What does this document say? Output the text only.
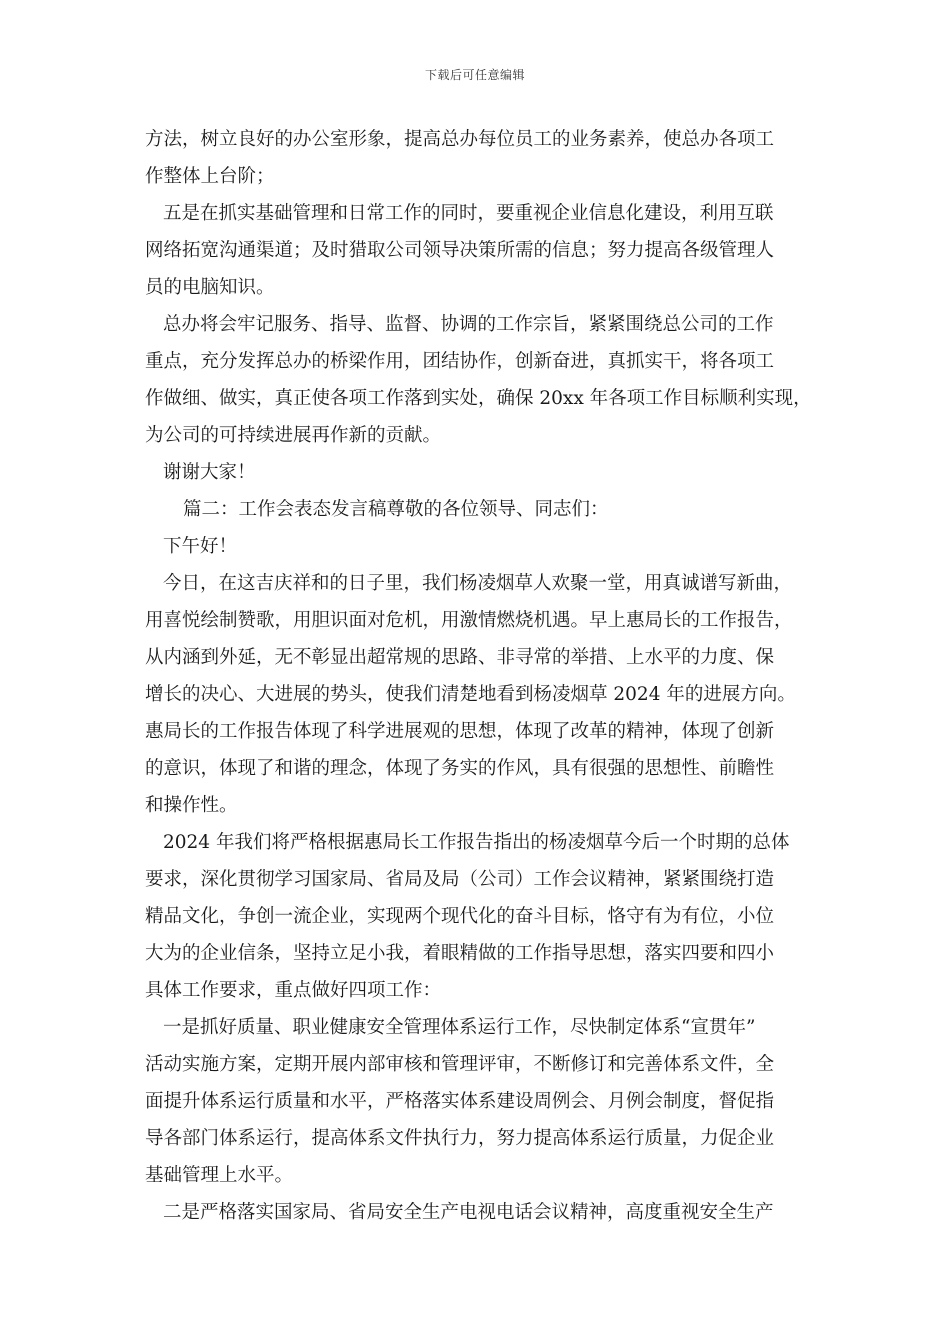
下载后可任意编辑
方法，树立良好的办公室形象，提高总办每位员工的业务素养，使总办各项工
作整体上台阶；
五是在抓实基础管理和日常工作的同时，要重视企业信息化建设，利用互联
网络拓宽沟通渠道；及时猎取公司领导决策所需的信息；努力提高各级管理人
员的电脑知识。
总办将会牢记服务、指导、监督、协调的工作宗旨，紧紧围绕总公司的工作
重点，充分发挥总办的桥梁作用，团结协作，创新奋进，真抓实干，将各项工
作做细、做实，真正使各项工作落到实处，确保 20xx 年各项工作目标顺利实现，
为公司的可持续进展再作新的贡献。
谢谢大家！
篇二：工作会表态发言稿尊敬的各位领导、同志们：
下午好！
今日，在这吉庆祥和的日子里，我们杨凌烟草人欢聚一堂，用真诚谱写新曲，
用喜悦绘制赞歌，用胆识面对危机，用激情燃烧机遇。早上惠局长的工作报告，
从内涵到外延，无不彰显出超常规的思路、非寻常的举措、上水平的力度、保
增长的决心、大进展的势头，使我们清楚地看到杨凌烟草 2024 年的进展方向。
惠局长的工作报告体现了科学进展观的思想，体现了改革的精神，体现了创新
的意识，体现了和谐的理念，体现了务实的作风，具有很强的思想性、前瞻性
和操作性。
2024 年我们将严格根据惠局长工作报告指出的杨凌烟草今后一个时期的总体
要求，深化贯彻学习国家局、省局及局（公司）工作会议精神，紧紧围绕打造
精品文化，争创一流企业，实现两个现代化的奋斗目标，恪守有为有位，小位
大为的企业信条，坚持立足小我，着眼精做的工作指导思想，落实四要和四小
具体工作要求，重点做好四项工作：
一是抓好质量、职业健康安全管理体系运行工作，尽快制定体系“宣贯年”
活动实施方案，定期开展内部审核和管理评审，不断修订和完善体系文件，全
面提升体系运行质量和水平，严格落实体系建设周例会、月例会制度，督促指
导各部门体系运行，提高体系文件执行力，努力提高体系运行质量，力促企业
基础管理上水平。
二是严格落实国家局、省局安全生产电视电话会议精神，高度重视安全生产
